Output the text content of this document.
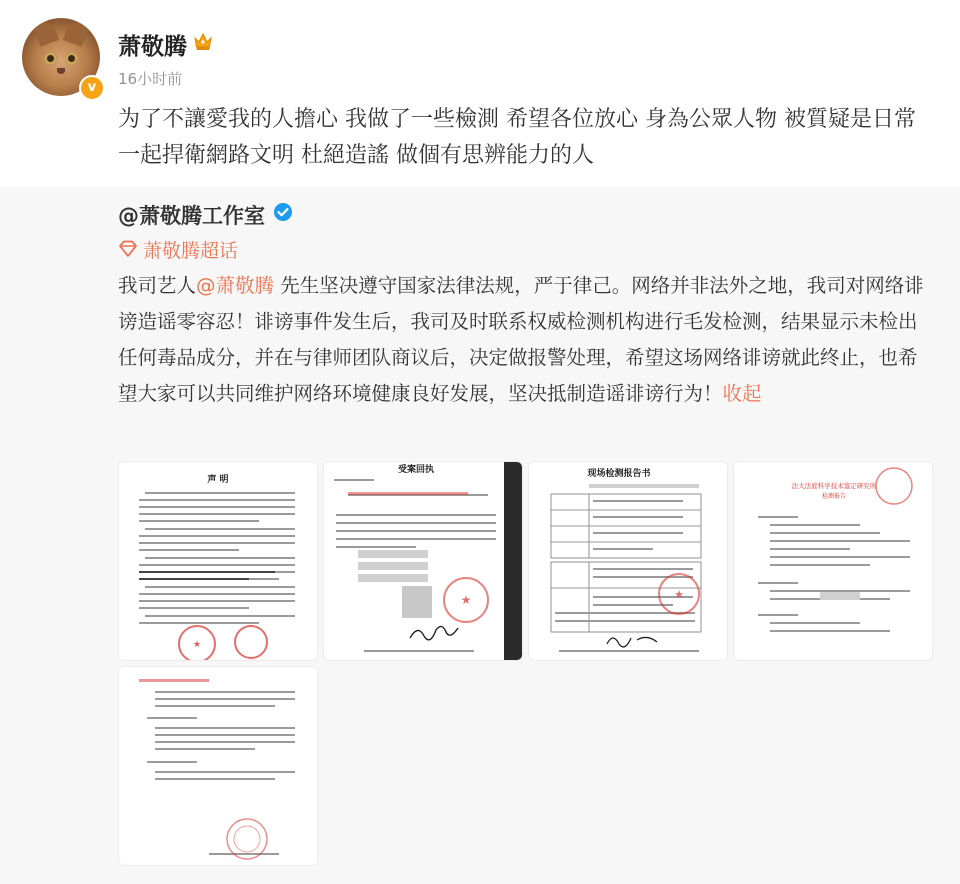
v
萧敬腾
16小时前
为了不讓愛我的人擔心 我做了一些檢測 希望各位放心 身為公眾人物 被質疑是日常 一起捍衛網路文明 杜絕造謠 做個有思辨能力的人
@萧敬腾工作室
萧敬腾超话
我司艺人@萧敬腾 先生坚决遵守国家法律法规，严于律己。网络并非法外之地，我司对网络诽谤造谣零容忍！诽谤事件发生后，我司及时联系权威检测机构进行毛发检测，结果显示未检出任何毒品成分，并在与律师团队商议后，决定做报警处理，希望这场网络诽谤就此终止，也希望大家可以共同维护网络环境健康良好发展，坚决抵制造谣诽谤行为！收起
声 明
★
受案回执
★
现场检测报告书
★
法大法庭科学技术鉴定研究所
检测报告
